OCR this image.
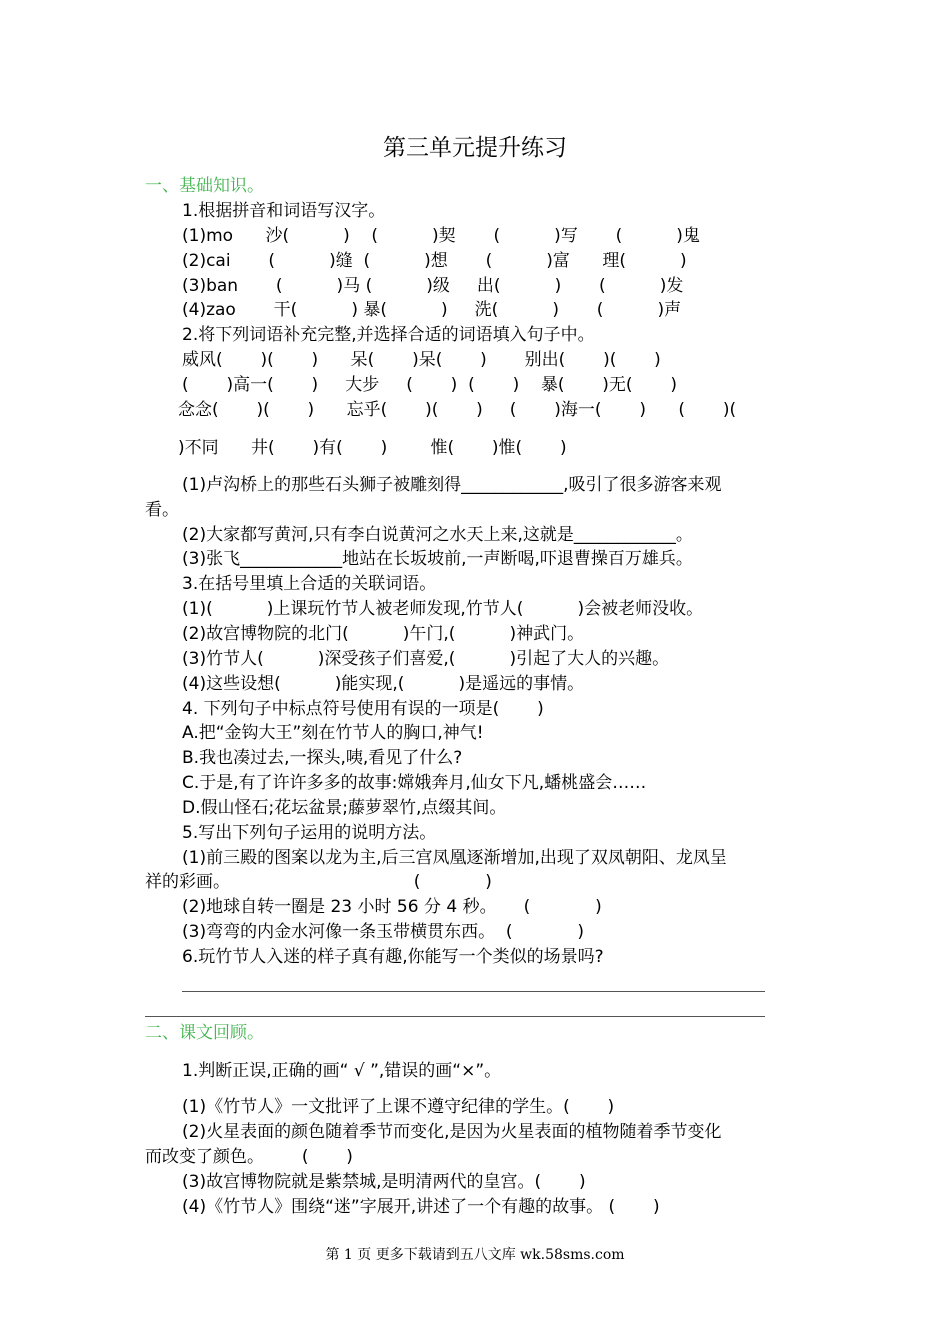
第三单元提升练习
一、基础知识。
1.根据拼音和词语写汉字。
(1)mo      沙(          )    (          )契       (          )写       (          )鬼
(2)cai       (          )缝  (          )想       (          )富      理(          )
(3)ban       (          )马 (          )级     出(          )       (          )发
(4)zao       干(          ) 暴(          )     洗(          )       (          )声
2.将下列词语补充完整,并选择合适的词语填入句子中。
威风(       )(       )      呆(       )呆(       )       别出(       )(       )
(       )高一(       )     大步     (       )  (       )    暴(       )无(       )
念念(       )(       )      忘乎(       )(       )     (       )海一(       )      (       )(
)不同      井(       )有(       )        惟(       )惟(       )
(1)卢沟桥上的那些石头狮子被雕刻得____________,吸引了很多游客来观
看。
(2)大家都写黄河,只有李白说黄河之水天上来,这就是____________。
(3)张飞____________地站在长坂坡前,一声断喝,吓退曹操百万雄兵。
3.在括号里填上合适的关联词语。
(1)(          )上课玩竹节人被老师发现,竹节人(          )会被老师没收。
(2)故宫博物院的北门(          )午门,(          )神武门。
(3)竹节人(          )深受孩子们喜爱,(          )引起了大人的兴趣。
(4)这些设想(          )能实现,(          )是遥远的事情。
4. 下列句子中标点符号使用有误的一项是(       )
A.把“金钩大王”刻在竹节人的胸口,神气!
B.我也凑过去,一探头,咦,看见了什么?
C.于是,有了许许多多的故事:嫦娥奔月,仙女下凡,蟠桃盛会……
D.假山怪石;花坛盆景;藤萝翠竹,点缀其间。
5.写出下列句子运用的说明方法。
(1)前三殿的图案以龙为主,后三宫凤凰逐渐增加,出现了双凤朝阳、龙凤呈
祥的彩画。                                  (            )
(2)地球自转一圈是 23 小时 56 分 4 秒。     (            )
(3)弯弯的内金水河像一条玉带横贯东西。  (            )
6.玩竹节人入迷的样子真有趣,你能写一个类似的场景吗?
二、课文回顾。
1.判断正误,正确的画“ √ ”,错误的画“×”。
(1)《竹节人》一文批评了上课不遵守纪律的学生。(       )
(2)火星表面的颜色随着季节而变化,是因为火星表面的植物随着季节变化
而改变了颜色。       (       )
(3)故宫博物院就是紫禁城,是明清两代的皇宫。(       )
(4)《竹节人》围绕“迷”字展开,讲述了一个有趣的故事。 (       )
第 1 页 更多下载请到五八文库 wk.58sms.com
